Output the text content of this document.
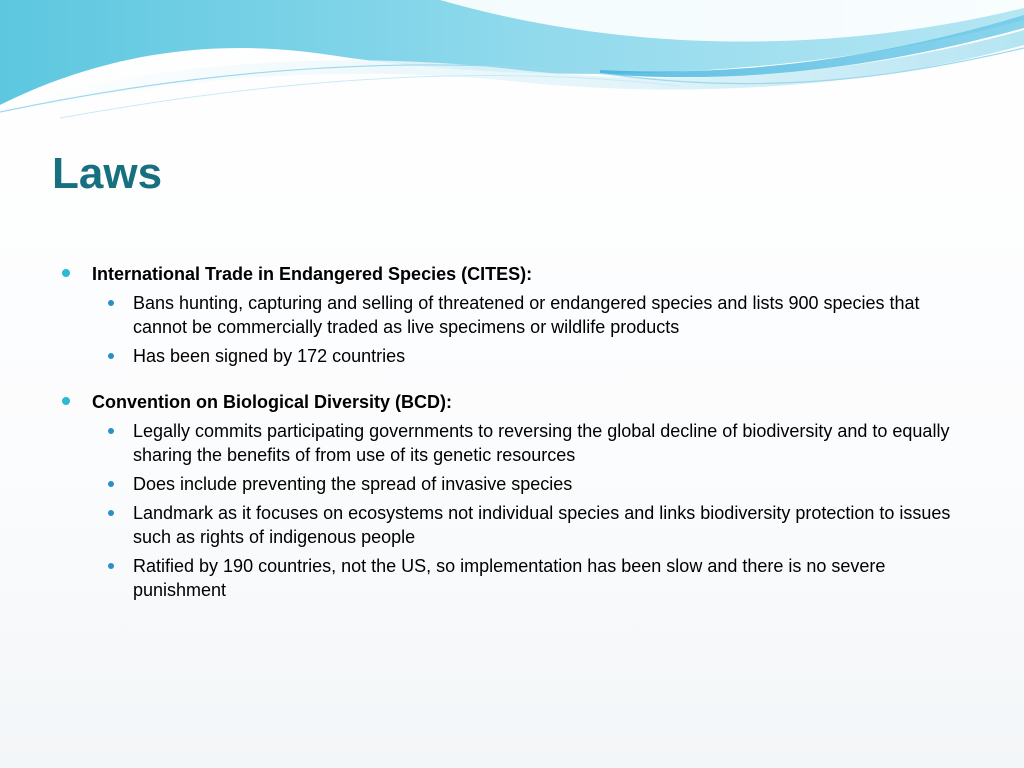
Laws
International Trade in Endangered Species (CITES):
Bans hunting, capturing and selling of threatened or endangered species and lists 900 species that cannot be commercially traded as live specimens or wildlife products
Has been signed by 172 countries
Convention on Biological Diversity (BCD):
Legally commits participating governments to reversing the global decline of biodiversity and to equally sharing the benefits of from use of its genetic resources
Does include preventing the spread of invasive species
Landmark as it focuses on ecosystems not individual species and links biodiversity protection to issues such as rights of indigenous people
Ratified by 190 countries, not the US, so implementation has been slow and there is no severe punishment
